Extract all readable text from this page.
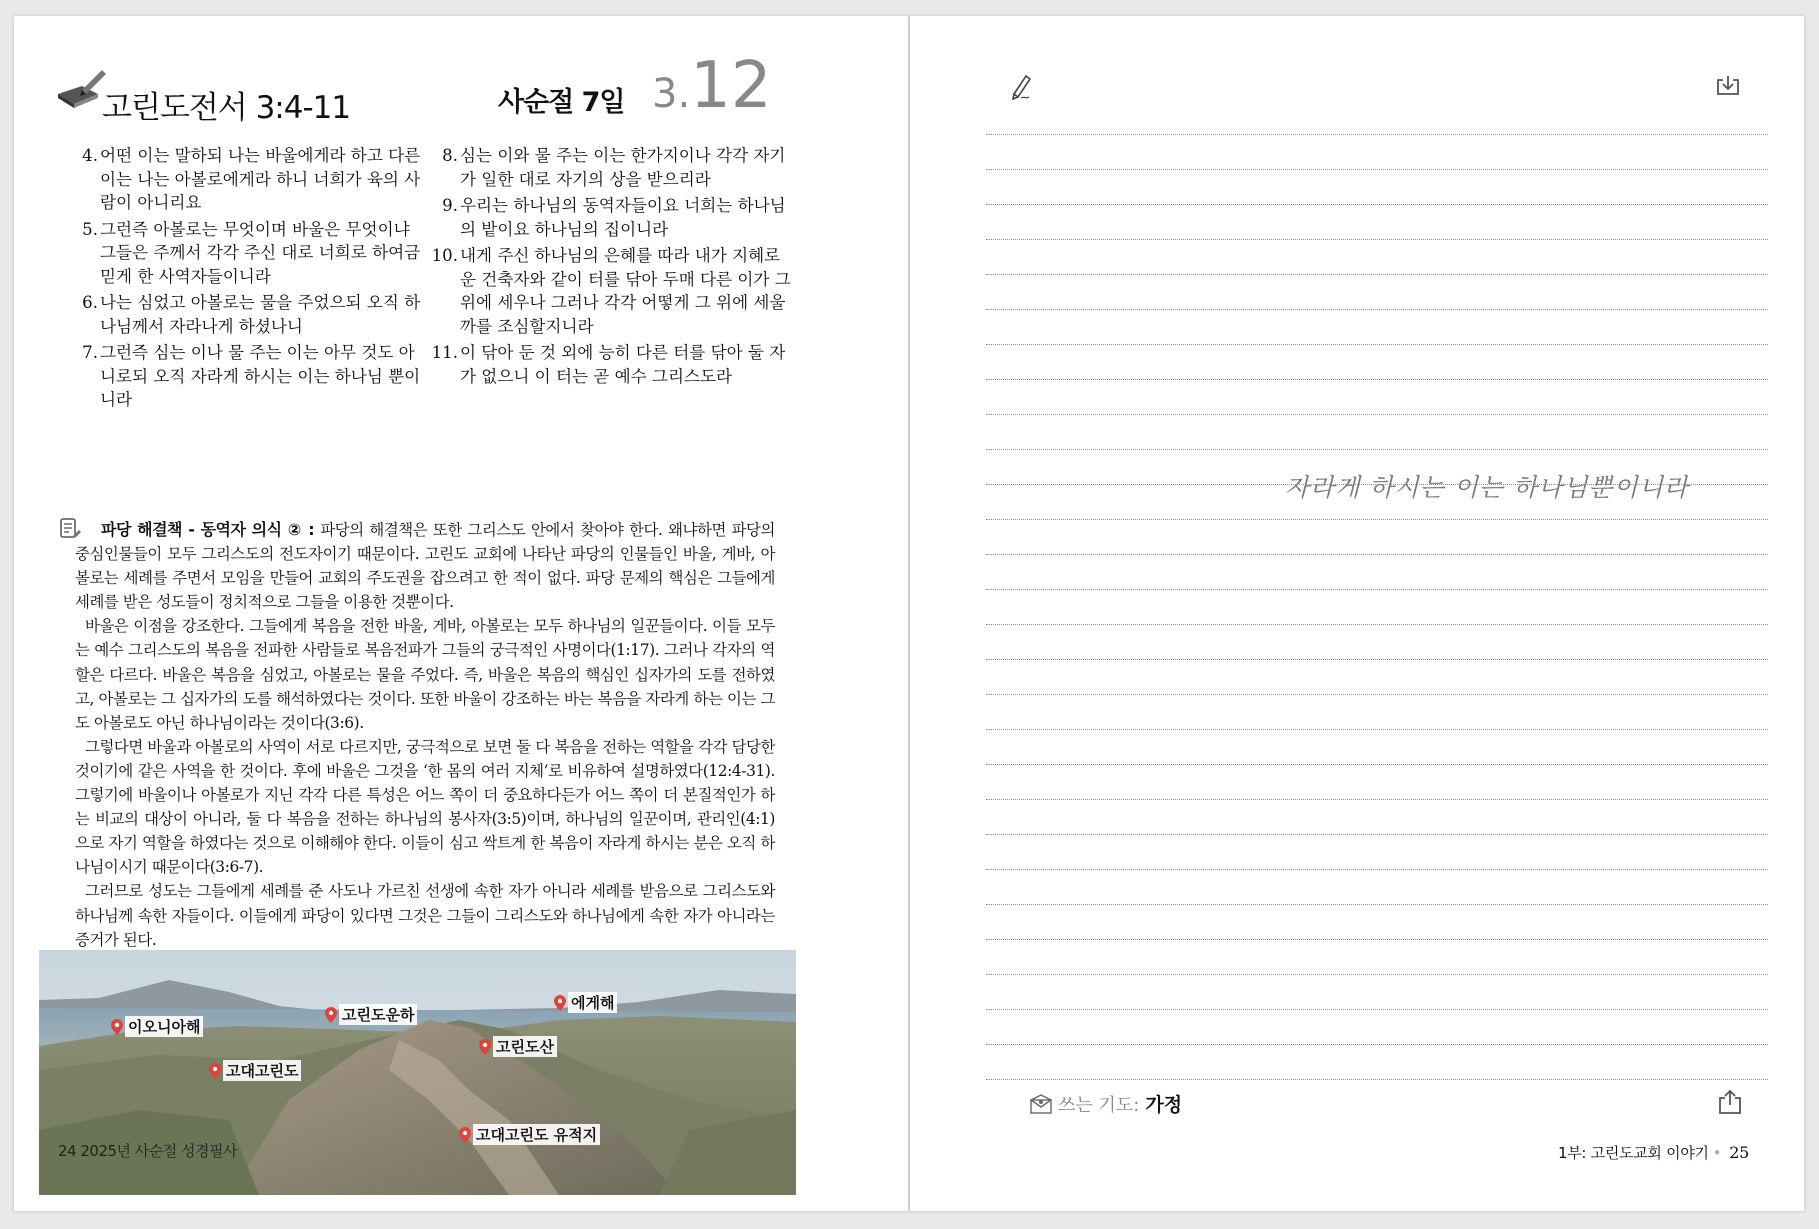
고린도전서 3:4-11	사순절 7일 3.12
4. 어떤 이는 말하되 나는 바울에게라 하고 다른 이는 나는 아볼로에게라 하니 너희가 육의 사람이 아니리요
5. 그런즉 아볼로는 무엇이며 바울은 무엇이냐 그들은 주께서 각각 주신 대로 너희로 하여금 믿게 한 사역자들이니라
6. 나는 심었고 아볼로는 물을 주었으되 오직 하나님께서 자라나게 하셨나니
7. 그런즉 심는 이나 물 주는 이는 아무 것도 아니로되 오직 자라게 하시는 이는 하나님 뿐이니라
8. 심는 이와 물 주는 이는 한가지이나 각각 자기가 일한 대로 자기의 상을 받으리라
9. 우리는 하나님의 동역자들이요 너희는 하나님의 밭이요 하나님의 집이니라
10. 내게 주신 하나님의 은혜를 따라 내가 지혜로운 건축자와 같이 터를 닦아 두매 다른 이가 그 위에 세우나 그러나 각각 어떻게 그 위에 세울까를 조심할지니라
11. 이 닦아 둔 것 외에 능히 다른 터를 닦아 둘 자가 없으니 이 터는 곧 예수 그리스도라
자라게 하시는 이는 하나님뿐이니라

파당 해결책 - 동역자 의식 ② : 파당의 해결책은 또한 그리스도 안에서 찾아야 한다. 왜냐하면 파당의 중심인물들이 모두 그리스도의 전도자이기 때문이다. 고린도 교회에 나타난 파당의 인물들인 바울, 게바, 아볼로는 세례를 주면서 모임을 만들어 교회의 주도권을 잡으려고 한 적이 없다. 파당 문제의 핵심은 그들에게 세례를 받은 성도들이 정치적으로 그들을 이용한 것뿐이다.

바울은 이점을 강조한다. 그들에게 복음을 전한 바울, 게바, 아볼로는 모두 하나님의 일꾼들이다. 이들 모두는 예수 그리스도의 복음을 전파한 사람들로 복음전파가 그들의 궁극적인 사명이다(1:17). 그러나 각자의 역할은 다르다. 바울은 복음을 심었고, 아볼로는 물을 주었다. 즉, 바울은 복음의 핵심인 십자가의 도를 전하였고, 아볼로는 그 십자가의 도를 해석하였다는 것이다. 또한 바울이 강조하는 바는 복음을 자라게 하는 이는 그도 아볼로도 아닌 하나님이라는 것이다(3:6).

그렇다면 바울과 아볼로의 사역이 서로 다르지만, 궁극적으로 보면 둘 다 복음을 전하는 역할을 각각 담당한 것이기에 같은 사역을 한 것이다. 후에 바울은 그것을 ‘한 몸의 여러 지체’로 비유하여 설명하였다(12:4-31). 그렇기에 바울이나 아볼로가 지닌 각각 다른 특성은 어느 쪽이 더 중요하다든가 어느 쪽이 더 본질적인가 하는 비교의 대상이 아니라, 둘 다 복음을 전하는 하나님의 봉사자(3:5)이며, 하나님의 일꾼이며, 관리인(4:1)으로 자기 역할을 하였다는 것으로 이해해야 한다. 이들이 심고 싹트게 한 복음이 자라게 하시는 분은 오직 하나님이시기 때문이다(3:6-7).

그러므로 성도는 그들에게 세례를 준 사도나 가르친 선생에 속한 자가 아니라 세례를 받음으로 그리스도와 하나님께 속한 자들이다. 이들에게 파당이 있다면 그것은 그들이 그리스도와 하나님에게 속한 자가 아니라는 증거가 된다.

이오니아해
고린도운하
에게해
고린도산
고대고린도
고대고린도 유적지
24 2025년 사순절 성경필사
쓰는 기도: 가정
1부: 고린도교회 이야기 • 25
